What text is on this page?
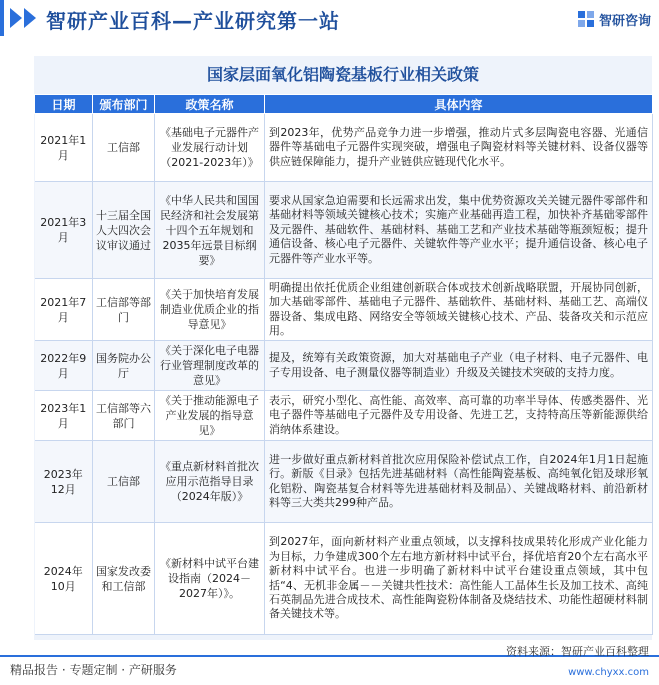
智研产业百科—产业研究第一站	智研咨询
国家层面氧化铝陶瓷基板行业相关政策
日期	颁布部门	政策名称	具体内容
2021年1月	工信部	《基础电子元器件产业发展行动计划（2021-2023年）》	到2023年，优势产品竞争力进一步增强，推动片式多层陶瓷电容器、光通信器件等基础电子元器件实现突破，增强电子陶瓷材料等关键材料、设备仪器等供应链保障能力，提升产业链供应链现代化水平。
2021年3月	十三届全国人大四次会议审议通过	《中华人民共和国国民经济和社会发展第十四个五年规划和2035年远景目标纲要》	要求从国家急迫需要和长远需求出发，集中优势资源攻关关键元器件零部件和基础材料等领域关键核心技术；实施产业基础再造工程，加快补齐基础零部件及元器件、基础软件、基础材料、基础工艺和产业技术基础等瓶颈短板；提升通信设备、核心电子元器件、关键软件等产业水平；提升通信设备、核心电子元器件等产业水平等。
2021年7月	工信部等部门	《关于加快培育发展制造业优质企业的指导意见》	明确提出依托优质企业组建创新联合体或技术创新战略联盟，开展协同创新，加大基础零部件、基础电子元器件、基础软件、基础材料、基础工艺、高端仪器设备、集成电路、网络安全等领域关键核心技术、产品、装备攻关和示范应用。
2022年9月	国务院办公厅	《关于深化电子电器行业管理制度改革的意见》	提及，统筹有关政策资源，加大对基础电子产业（电子材料、电子元器件、电子专用设备、电子测量仪器等制造业）升级及关键技术突破的支持力度。
2023年1月	工信部等六部门	《关于推动能源电子产业发展的指导意见》	表示，研究小型化、高性能、高效率、高可靠的功率半导体、传感类器件、光电子器件等基础电子元器件及专用设备、先进工艺，支持特高压等新能源供给消纳体系建设。
2023年12月	工信部	《重点新材料首批次应用示范指导目录（2024年版）》	进一步做好重点新材料首批次应用保险补偿试点工作，自2024年1月1日起施行。新版《目录》包括先进基础材料（高性能陶瓷基板、高纯氧化铝及球形氧化铝粉、陶瓷基复合材料等先进基础材料及制品）、关键战略材料、前沿新材料等三大类共299种产品。
2024年10月	国家发改委和工信部	《新材料中试平台建设指南（2024－2027年）》。	到2027年，面向新材料产业重点领域，以支撑科技成果转化形成产业化能力为目标，力争建成300个左右地方新材料中试平台，择优培育20个左右高水平新材料中试平台。也进一步明确了新材料中试平台建设重点领域，其中包括“4、无机非金属－－关键共性技术：高性能人工晶体生长及加工技术、高纯石英制品先进合成技术、高性能陶瓷粉体制备及烧结技术、功能性超硬材料制备关键技术等。
资料来源：智研产业百科整理
精品报告 · 专题定制 · 产研服务	www.chyxx.com
